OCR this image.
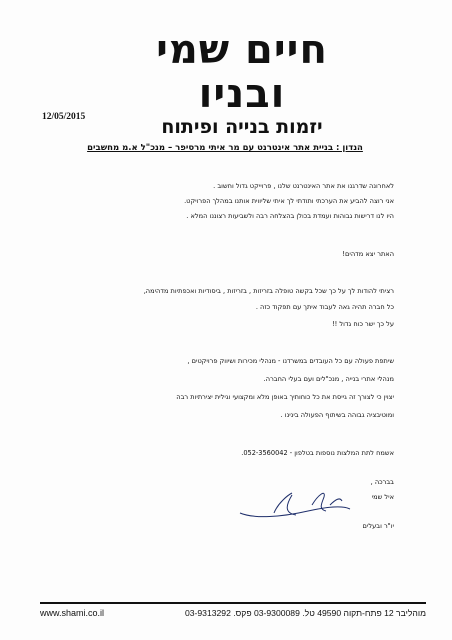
חיים שמי ובניו
יזמות בנייה ופיתוח
12/05/2015
הנדון : בניית אתר אינטרנט עם מר איתי מרסיפר – מנכ"ל א.מ מחשבים
לאחרונה שדרגנו את אתר האינטרנט שלנו , פרוייקט גדול וחשוב .
אני רוצה להביע את הערכתי ותודתי לך איתי שליווית אותנו במהלך הפרויקט.
היו לנו דרישות גבוהות ועמדת בכולן בהצלחה רבה ולשביעות רצוננו המלא .
האתר יצא מדהים!
רציתי להודות לך על כך שכל בקשה טופלה בזריזות , בזריזות , ביסודיות ואכפתיות מדהימה,
כל חברה תהיה גאה לעבוד איתך עם תפקוד כזה .
על כך ישר כוח גדול !!
שיתפת פעולה עם כל העובדים במשרדנו - מנהלי מכירות ושיווק פרויקטים ,
מנהלי אתרי בנייה , מנכ"לים ועם בעלי החברה.
יצוין כי לצורך זה גייסת את כל כוחותיך באופן מלא ומקצועי וגילית יצירתיות רבה
ומוטיבציה גבוהה בשיתוף הפעולה בינינו .
אשמח לתת המלצות נוספות בטלפון - 052-3560042.
בברכה ,
איל שמי
יו"ר ובעלים
www.shami.co.il	מוהליבר 12 פתח-תקוה 49590 טל. 03-9300089 פקס. 03-9313292
